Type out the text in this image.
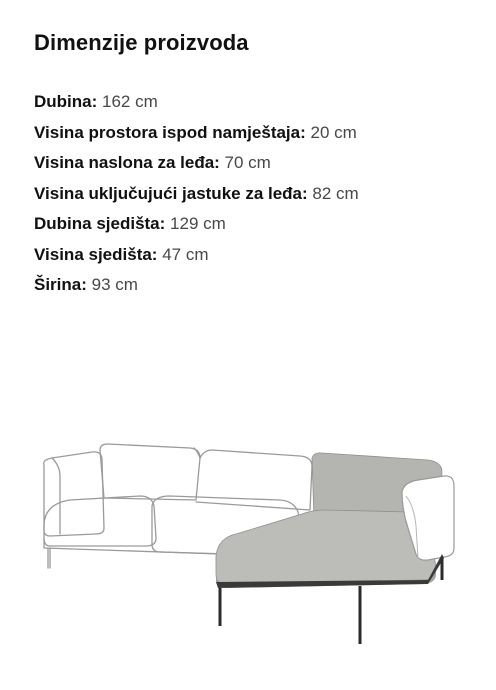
Dimenzije proizvoda
Dubina: 162 cm
Visina prostora ispod namještaja: 20 cm
Visina naslona za leđa: 70 cm
Visina uključujući jastuke za leđa: 82 cm
Dubina sjedišta: 129 cm
Visina sjedišta: 47 cm
Širina: 93 cm
